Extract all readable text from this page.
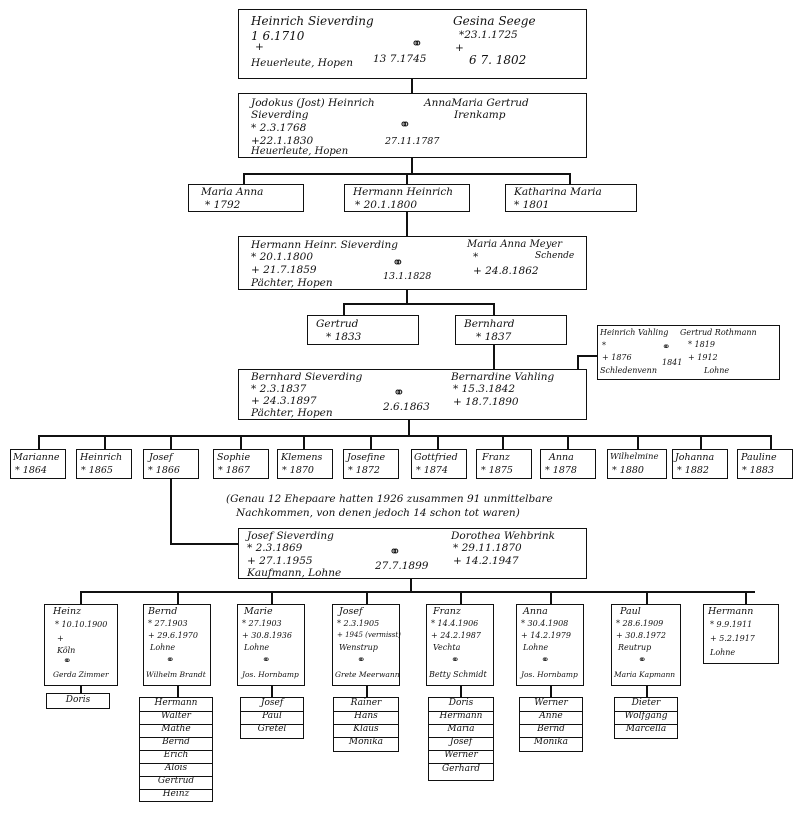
Heinrich Sieverding
1 6.1710
+
Heuerleute, Hopen
⚭
13 7.1745
Gesina Seege
*23.1.1725
+
6 7. 1802
Jodokus (Jost) Heinrich
Sieverding
* 2.3.1768
+22.1.1830
Heuerleute, Hopen
⚭
27.11.1787
AnnaMaria Gertrud
Irenkamp
Maria Anna
* 1792
Hermann Heinrich
* 20.1.1800
Katharina Maria
* 1801
Hermann Heinr. Sieverding
* 20.1.1800
+ 21.7.1859
Pächter, Hopen
⚭
13.1.1828
Maria Anna Meyer
*	Schende
+ 24.8.1862
Gertrud
* 1833
Bernhard
* 1837	Heinrich Vahling
*
+ 1876
Schledenvenn
⚭
1841
Gertrud Rothmann
* 1819
+ 1912
Lohne
Bernhard Sieverding
* 2.3.1837
+ 24.3.1897
Pächter, Hopen
⚭
2.6.1863
Bernardine Vahling
* 15.3.1842
+ 18.7.1890
Marianne
* 1864
Heinrich
* 1865
Josef
* 1866
Sophie
* 1867
Klemens
* 1870
Josefine
* 1872
Gottfried
* 1874
Franz
* 1875
Anna
* 1878
Wilhelmine
* 1880
Johanna
* 1882
Pauline
* 1883
(Genau 12 Ehepaare hatten 1926 zusammen 91 unmittelbare
Nachkommen, von denen jedoch 14 schon tot waren)
Josef Sieverding
* 2.3.1869
+ 27.1.1955
Kaufmann, Lohne
⚭
27.7.1899
Dorothea Wehbrink
* 29.11.1870
+ 14.2.1947
Heinz
* 10.10.1900
+
Köln
⚭
Gerda Zimmer
Bernd
* 27.1903
+ 29.6.1970
Lohne
⚭
Wilhelm Brandt
Marie
* 27.1903
+ 30.8.1936
Lohne
⚭
Jos. Hornbamp
Josef
* 2.3.1905
+ 1945 (vermisst)
Wenstrup
⚭
Grete Meerwann
Franz
* 14.4.1906
+ 24.2.1987
Vechta
⚭
Betty Schmidt
Anna
* 30.4.1908
+ 14.2.1979
Lohne
⚭
Jos. Hornbamp
Paul
* 28.6.1909
+ 30.8.1972
Reutrup
⚭
Maria Kapmann
Hermann
* 9.9.1911
+ 5.2.1917
Lohne
Doris	Hermann
Walter
Mathe
Bernd
Erich
Alois
Gertrud
Heinz
Josef
Paul
Gretel
Rainer
Hans
Klaus
Monika
Doris
Hermann
Maria
Josef
Werner
Gerhard
Werner
Anne
Bernd
Monika
Dieter
Wolfgang
Marcella
